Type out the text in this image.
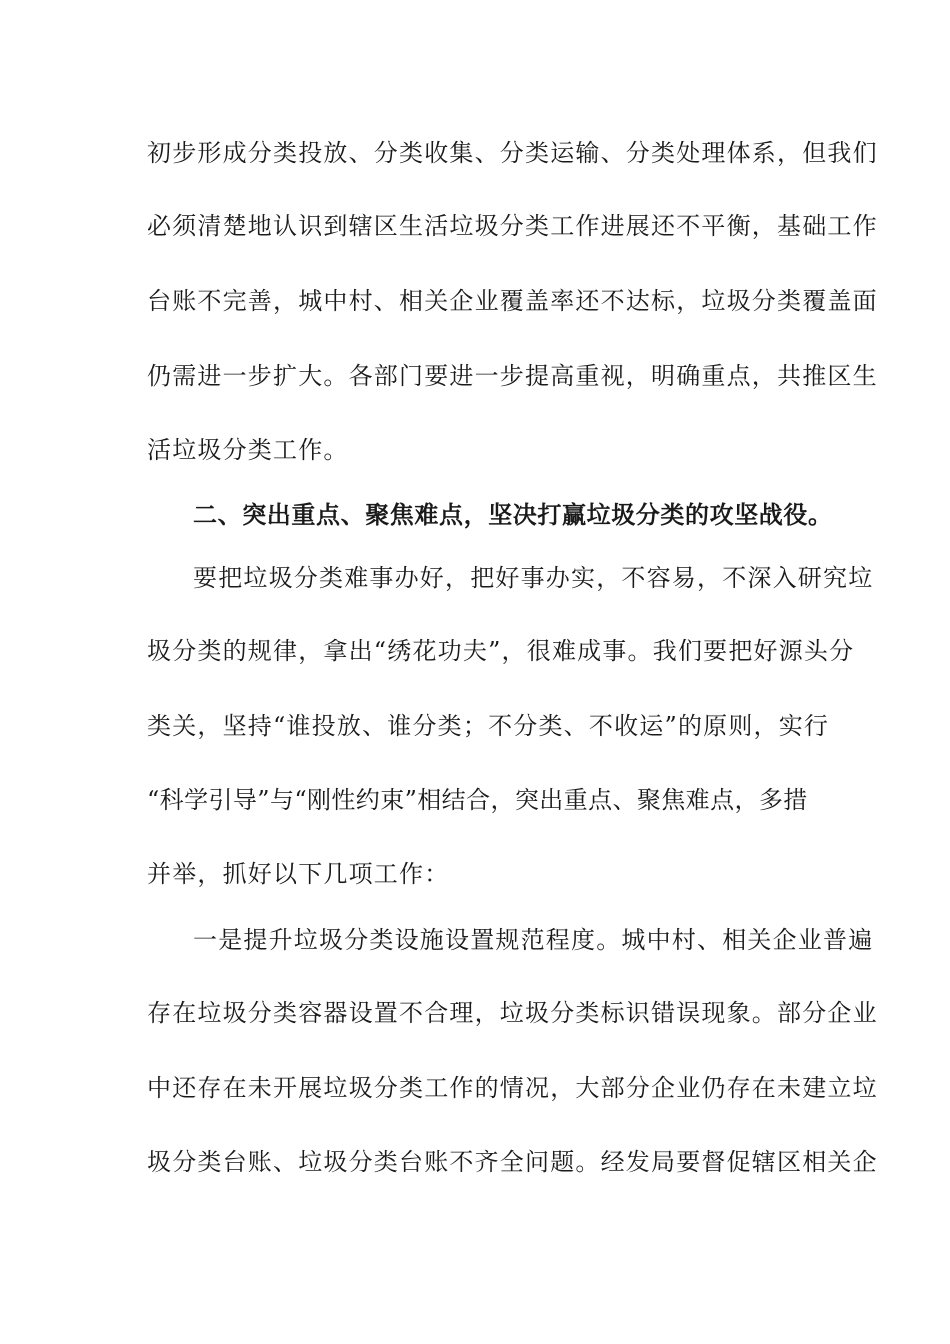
初步形成分类投放、分类收集、分类运输、分类处理体系，但我们
必须清楚地认识到辖区生活垃圾分类工作进展还不平衡，基础工作
台账不完善，城中村、相关企业覆盖率还不达标，垃圾分类覆盖面
仍需进一步扩大。各部门要进一步提高重视，明确重点，共推区生
活垃圾分类工作。
二、突出重点、聚焦难点，坚决打赢垃圾分类的攻坚战役。
要把垃圾分类难事办好，把好事办实，不容易，不深入研究垃
圾分类的规律，拿出“绣花功夫”，很难成事。我们要把好源头分
类关，坚持“谁投放、谁分类；不分类、不收运”的原则，实行
“科学引导”与“刚性约束”相结合，突出重点、聚焦难点，多措
并举，抓好以下几项工作：
一是提升垃圾分类设施设置规范程度。城中村、相关企业普遍
存在垃圾分类容器设置不合理，垃圾分类标识错误现象。部分企业
中还存在未开展垃圾分类工作的情况，大部分企业仍存在未建立垃
圾分类台账、垃圾分类台账不齐全问题。经发局要督促辖区相关企
